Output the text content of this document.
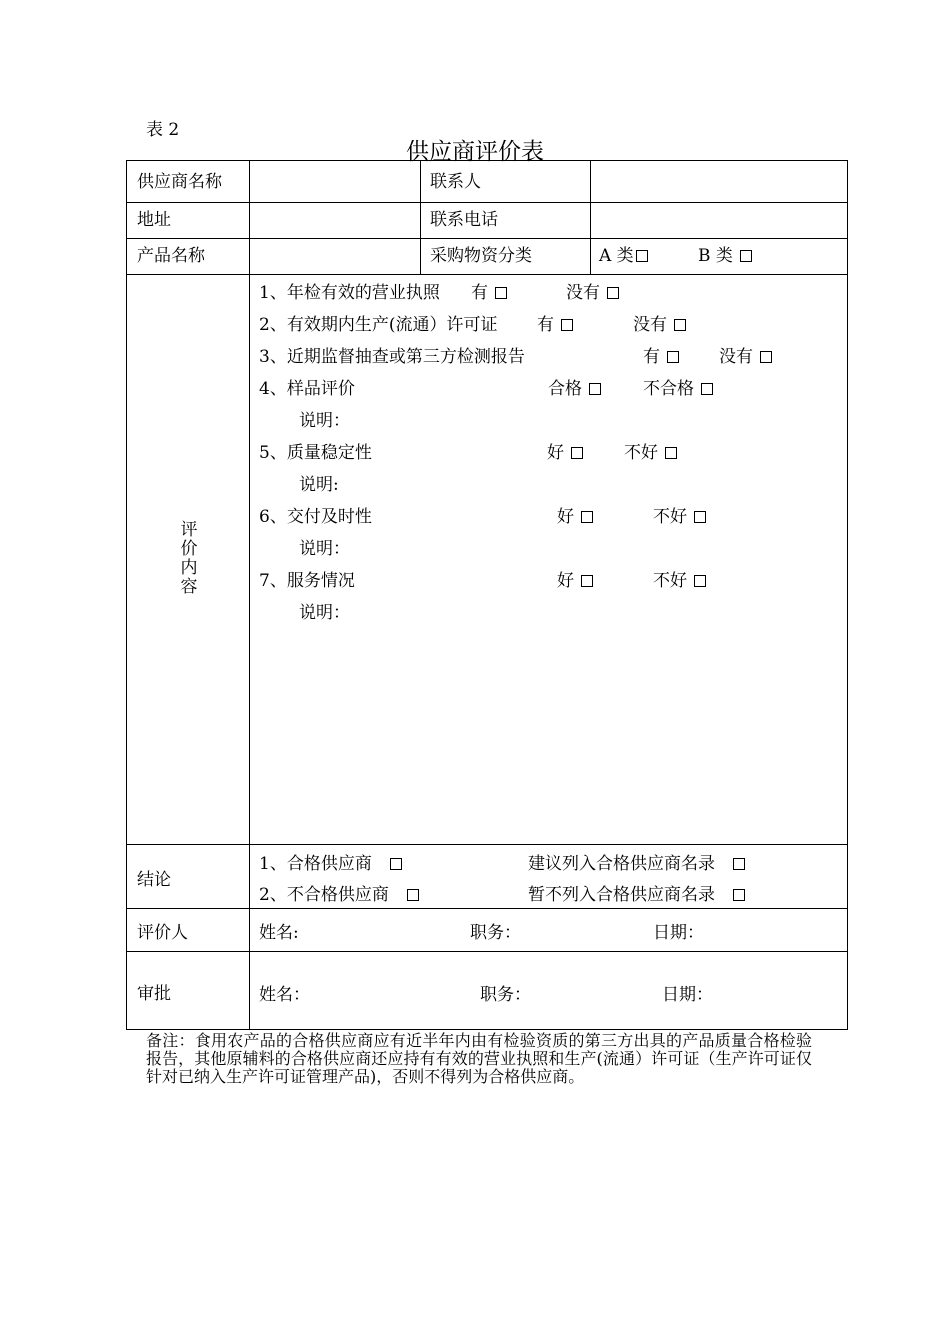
表 2
供应商评价表
供应商名称	联系人
地址	联系电话
产品名称	采购物资分类	A 类	B 类
评
价
内
容
1、年检有效的营业执照 有	没有
2、有效期内生产(流通）许可证 有	没有
3、近期监督抽查或第三方检测报告	有	没有
4、样品评价	合格	不合格
说明：
5、质量稳定性	好	不好
说明:
6、交付及时性	好	不好
说明：
7、服务情况	好	不好
说明：
结论
1、合格供应商	建议列入合格供应商名录
2、不合格供应商	暂不列入合格供应商名录
评价人	姓名:	职务：	日期：
审批	姓名：	职务：	日期：
备注：食用农产品的合格供应商应有近半年内由有检验资质的第三方出具的产品质量合格检验报告，其他原辅料的合格供应商还应持有有效的营业执照和生产(流通）许可证（生产许可证仅针对已纳入生产许可证管理产品)，否则不得列为合格供应商。
